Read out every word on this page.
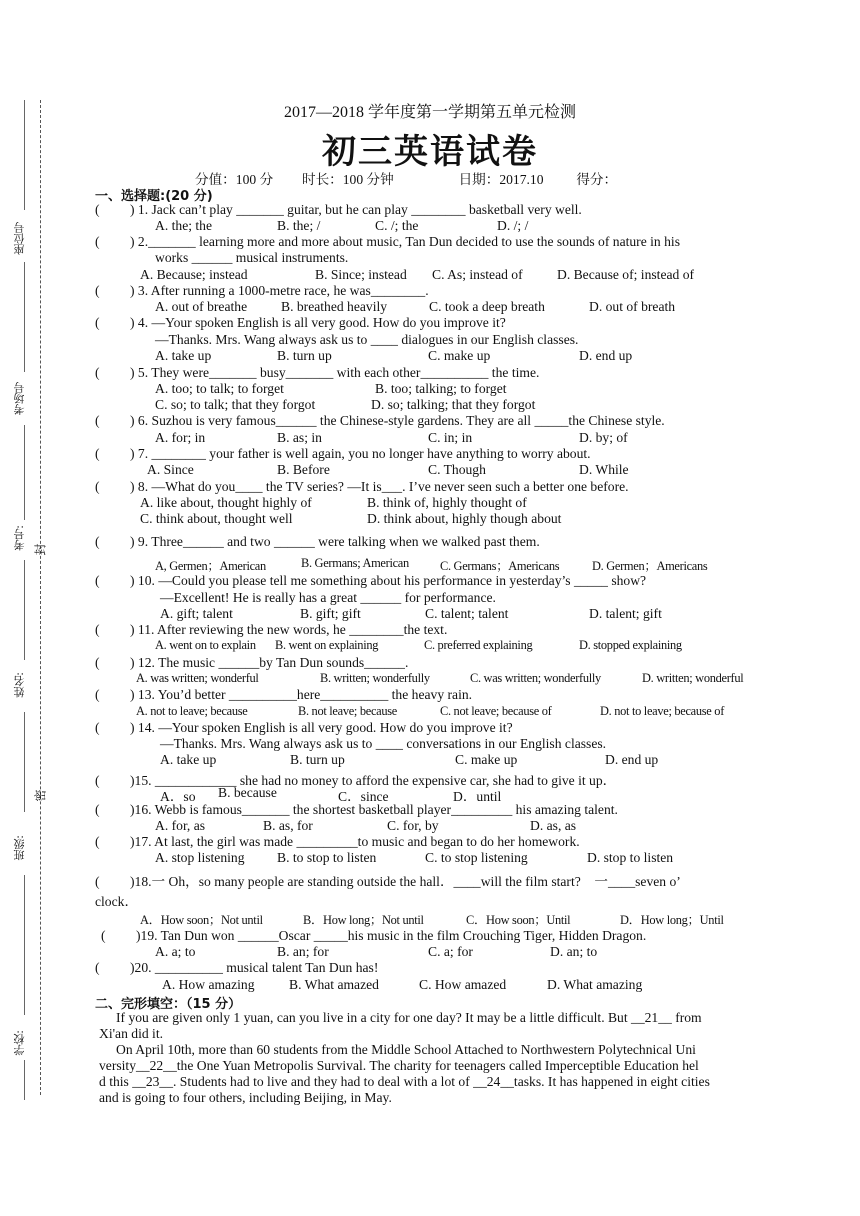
座位号
考场号
考号: 封
姓名:
密
班级:
学校:
2017—2018 学年度第一学期第五单元检测
初三英语试卷
分值：100 分 时长：100 分钟	日期：2017.10 得分：
一、选择题:(20 分)
( ) 1. Jack can’t play _______ guitar, but he can play ________ basketball very well.
A. the; the	B. the; /	C. /; the	D. /; /
( ) 2._______ learning more and more about music, Tan Dun decided to use the sounds of nature in his
works ______ musical instruments.
A. Because; instead	B. Since; instead C. As; instead of	D. Because of; instead of
( ) 3. After running a 1000-metre race, he was________.
A. out of breathe B. breathed heavily	C. took a deep breath	D. out of breath
( ) 4. —Your spoken English is all very good. How do you improve it?
—Thanks. Mrs. Wang always ask us to ____ dialogues in our English classes.
A. take up	B. turn up	C. make up	D. end up
( ) 5. They were_______ busy_______ with each other__________ the time.
A. too; to talk; to forget	B. too; talking; to forget
C. so; to talk; that they forgot	D. so; talking; that they forgot
( ) 6. Suzhou is very famous______ the Chinese-style gardens. They are all _____the Chinese style.
A. for; in	B. as; in	C. in; in	D. by; of
( ) 7. ________ your father is well again, you no longer have anything to worry about.
A. Since	B. Before	C. Though	D. While
( ) 8. —What do you____ the TV series? —It is___. I’ve never seen such a better one before.
A. like about, thought highly of	B. think of, highly thought of
C. think about, thought well	D. think about, highly though about
( ) 9. Three______ and two ______ were talking when we walked past them.
A, Germen；American	B. Germans; American	C. Germans；Americans	D. Germen；Americans
( ) 10. —Could you please tell me something about his performance in yesterday’s _____ show?
—Excellent! He is really has a great ______ for performance.
A. gift; talent	B. gift; gift	C. talent; talent	D. talent; gift
( ) 11. After reviewing the new words, he ________the text.
A. went on to explain B. went on explaining	C. preferred explaining	D. stopped explaining
( ) 12. The music ______by Tan Dun sounds______.
A. was written; wonderful	B. written; wonderfully	C. was written; wonderfully	D. written; wonderful
( ) 13. You’d better __________here__________ the heavy rain.
A. not to leave; because	B. not leave; because	C. not leave; because of	D. not to leave; because of
( ) 14. —Your spoken English is all very good. How do you improve it?
—Thanks. Mrs. Wang always ask us to ____ conversations in our English classes.
A. take up	B. turn up	C. make up	D. end up
( )15. ____________ she had no money to afford the expensive car, she had to give it up．
A．so B. because	C．since	D．until
( )16. Webb is famous_______ the shortest basketball player_________ his amazing talent.
A. for, as	B. as, for	C. for, by	D. as, as
( )17. At last, the girl was made _________to music and began to do her homework.
A. stop listening B. to stop to listen	C. to stop listening	D. stop to listen
( )18.一 Oh，so many people are standing outside the hall．____will the film start?　一____seven o’
clock．
A．How soon；Not until	B．How long；Not until	C．How soon；Until	D．How long；Until
( )19. Tan Dun won ______Oscar _____his music in the film Crouching Tiger, Hidden Dragon.
A. a; to	B. an; for	C. a; for	D. an; to
( )20. __________ musical talent Tan Dun has!
A. How amazing	B. What amazed	C. How amazed	D. What amazing
二、完形填空：（15 分）
If you are given only 1 yuan, can you live in a city for one day? It may be a little difficult. But __21__ from
Xi'an did it.
On April 10th, more than 60 students from the Middle School Attached to Northwestern Polytechnical Uni
versity__22__the One Yuan Metropolis Survival. The charity for teenagers called Imperceptible Education hel
d this __23__. Students had to live and they had to deal with a lot of __24__tasks. It has happened in eight cities
and is going to four others, including Beijing, in May.
